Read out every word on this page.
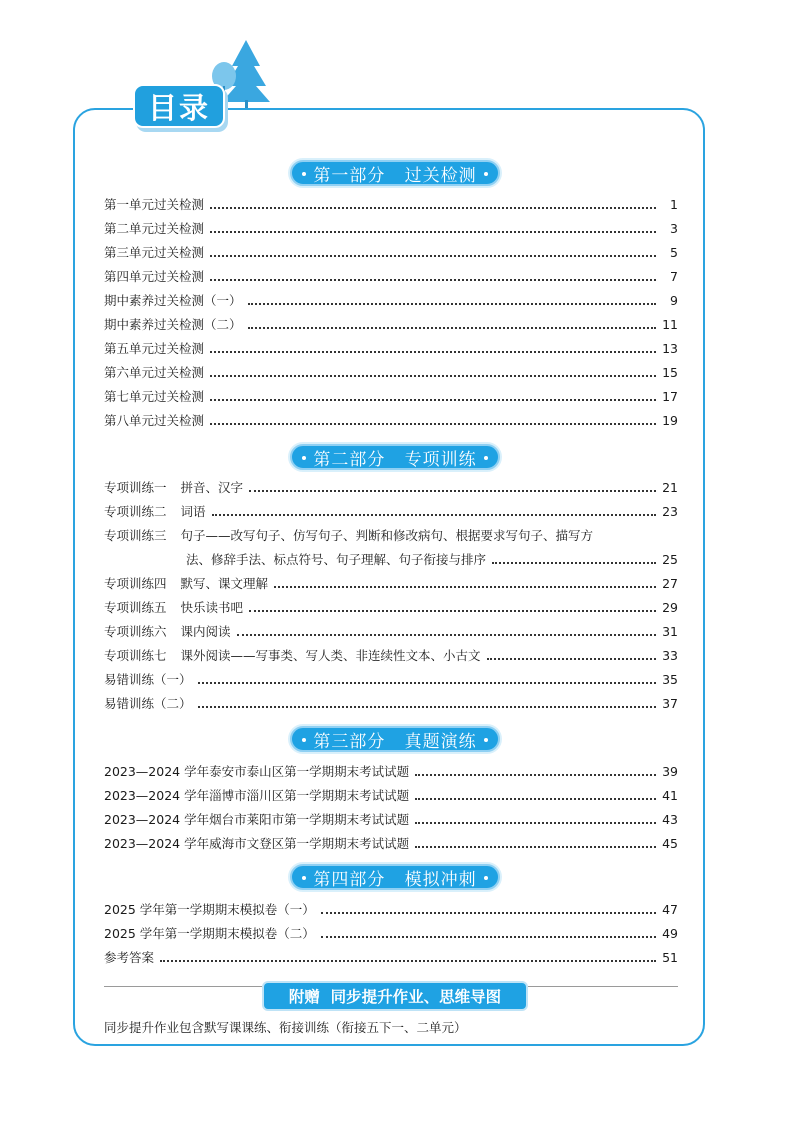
目录
第一部分   过关检测
第一单元过关检测	1
第二单元过关检测	3
第三单元过关检测	5
第四单元过关检测	7
期中素养过关检测（一）	9
期中素养过关检测（二）	11
第五单元过关检测	13
第六单元过关检测	15
第七单元过关检测	17
第八单元过关检测	19
第二部分   专项训练
专项训练一 拼音、汉字	21
专项训练二 词语	23
专项训练三 句子——改写句子、仿写句子、判断和修改病句、根据要求写句子、描写方
法、修辞手法、标点符号、句子理解、句子衔接与排序	25
专项训练四 默写、课文理解	27
专项训练五 快乐读书吧	29
专项训练六 课内阅读	31
专项训练七 课外阅读——写事类、写人类、非连续性文本、小古文	33
易错训练（一）	35
易错训练（二）	37
第三部分   真题演练
2023—2024 学年泰安市泰山区第一学期期末考试试题	39
2023—2024 学年淄博市淄川区第一学期期末考试试题	41
2023—2024 学年烟台市莱阳市第一学期期末考试试题	43
2023—2024 学年威海市文登区第一学期期末考试试题	45
第四部分   模拟冲刺
2025 学年第一学期期末模拟卷（一）	47
2025 学年第一学期期末模拟卷（二）	49
参考答案	51
附赠  同步提升作业、思维导图
同步提升作业包含默写课课练、衔接训练（衔接五下一、二单元）
